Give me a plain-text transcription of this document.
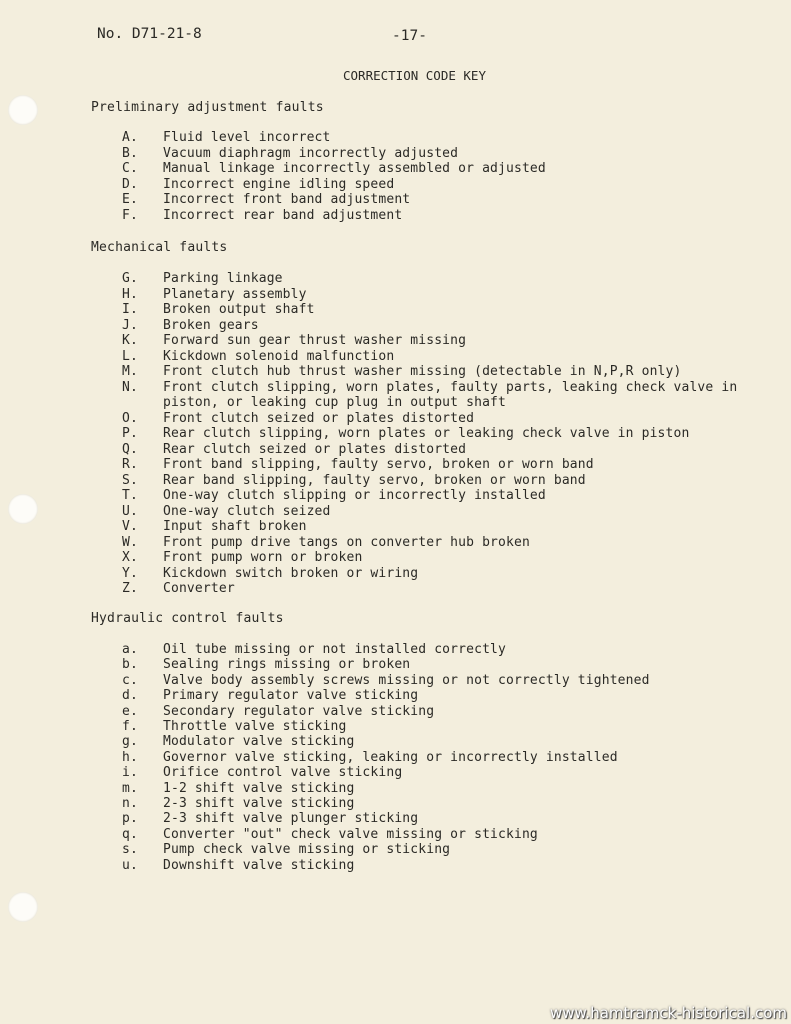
No. D71-21-8	-17-
CORRECTION CODE KEY
Preliminary adjustment faults
A. Fluid level incorrect
B. Vacuum diaphragm incorrectly adjusted
C. Manual linkage incorrectly assembled or adjusted
D. Incorrect engine idling speed
E. Incorrect front band adjustment
F. Incorrect rear band adjustment
Mechanical faults
G. Parking linkage
H. Planetary assembly
I. Broken output shaft
J. Broken gears
K. Forward sun gear thrust washer missing
L. Kickdown solenoid malfunction
M. Front clutch hub thrust washer missing (detectable in N,P,R only)
N. Front clutch slipping, worn plates, faulty parts, leaking check valve in
piston, or leaking cup plug in output shaft
O. Front clutch seized or plates distorted
P. Rear clutch slipping, worn plates or leaking check valve in piston
Q. Rear clutch seized or plates distorted
R. Front band slipping, faulty servo, broken or worn band
S. Rear band slipping, faulty servo, broken or worn band
T. One-way clutch slipping or incorrectly installed
U. One-way clutch seized
V. Input shaft broken
W. Front pump drive tangs on converter hub broken
X. Front pump worn or broken
Y. Kickdown switch broken or wiring
Z. Converter
Hydraulic control faults
a. Oil tube missing or not installed correctly
b. Sealing rings missing or broken
c. Valve body assembly screws missing or not correctly tightened
d. Primary regulator valve sticking
e. Secondary regulator valve sticking
f. Throttle valve sticking
g. Modulator valve sticking
h. Governor valve sticking, leaking or incorrectly installed
i. Orifice control valve sticking
m. 1-2 shift valve sticking
n. 2-3 shift valve sticking
p. 2-3 shift valve plunger sticking
q. Converter "out" check valve missing or sticking
s. Pump check valve missing or sticking
u. Downshift valve sticking
www.hamtramck-historical.com
